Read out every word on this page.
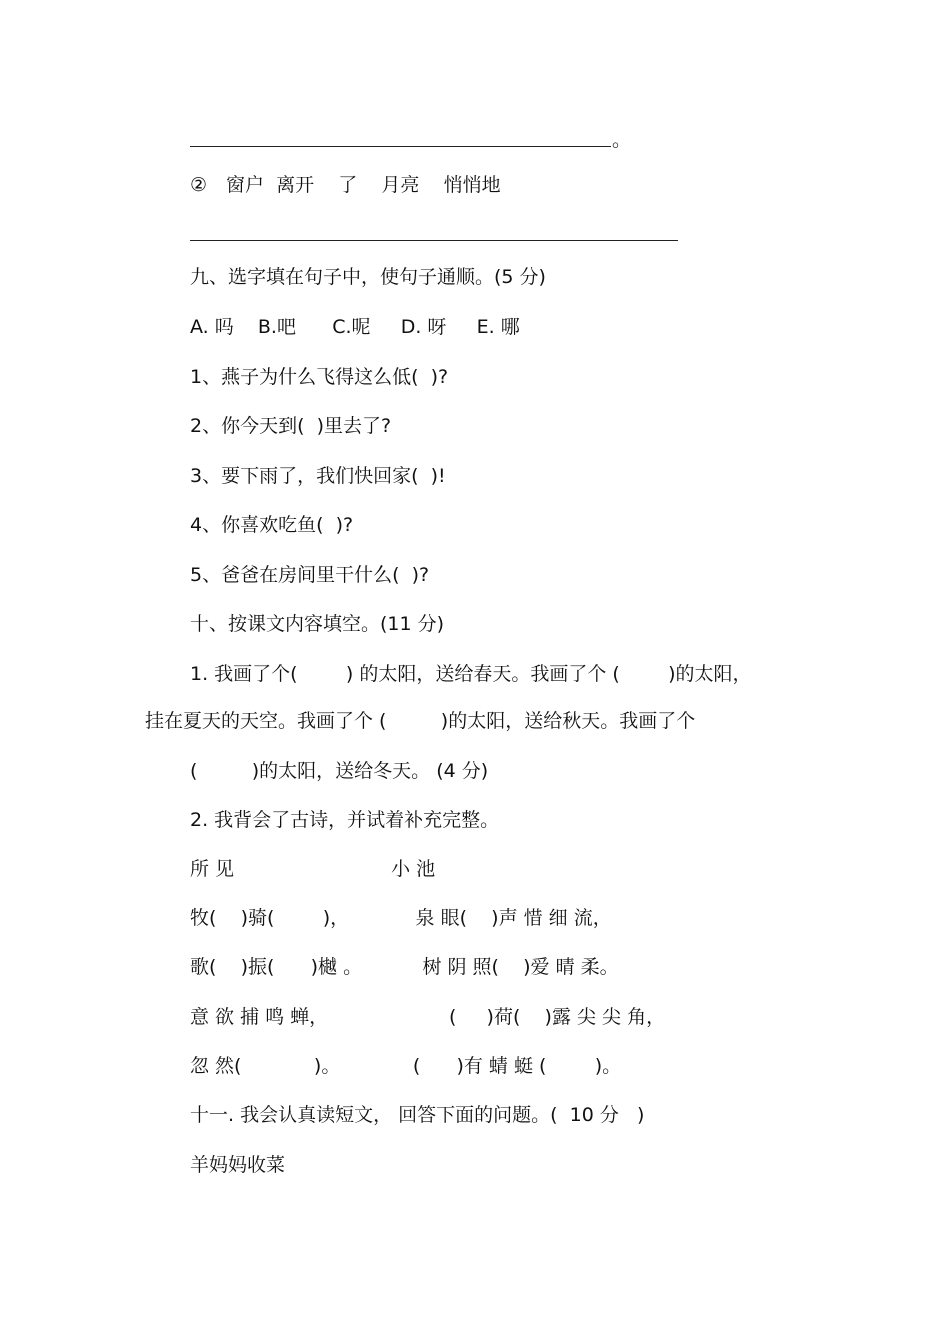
。
②　窗户  离开    了    月亮    悄悄地
九、选字填在句子中，使句子通顺。(5 分)
A. 吗    B.吧      C.呢     D. 呀     E. 哪
1、燕子为什么飞得这么低(  )?
2、你今天到(  )里去了?
3、要下雨了，我们快回家(  )!
4、你喜欢吃鱼(  )?
5、爸爸在房间里干什么(  )?
十、按课文内容填空。(11 分)
1. 我画了个(        ) 的太阳，送给春天。我画了个 (        )的太阳，
挂在夏天的天空。我画了个 (         )的太阳，送给秋天。我画了个
(         )的太阳，送给冬天。 (4 分)
2. 我背会了古诗，并试着补充完整。
所 见                          小 池
牧(    )骑(        )，           泉 眼(    )声 惜 细 流，
歌(    )振(      )樾 。          树 阴 照(    )爱 晴 柔。
意 欲 捕 鸣 蝉，                    (     )荷(    )露 尖 尖 角，
忽 然(            )。            (      )有 蜻 蜓 (        )。
十一. 我会认真读短文， 回答下面的问题。(  10 分   )
羊妈妈收菜
